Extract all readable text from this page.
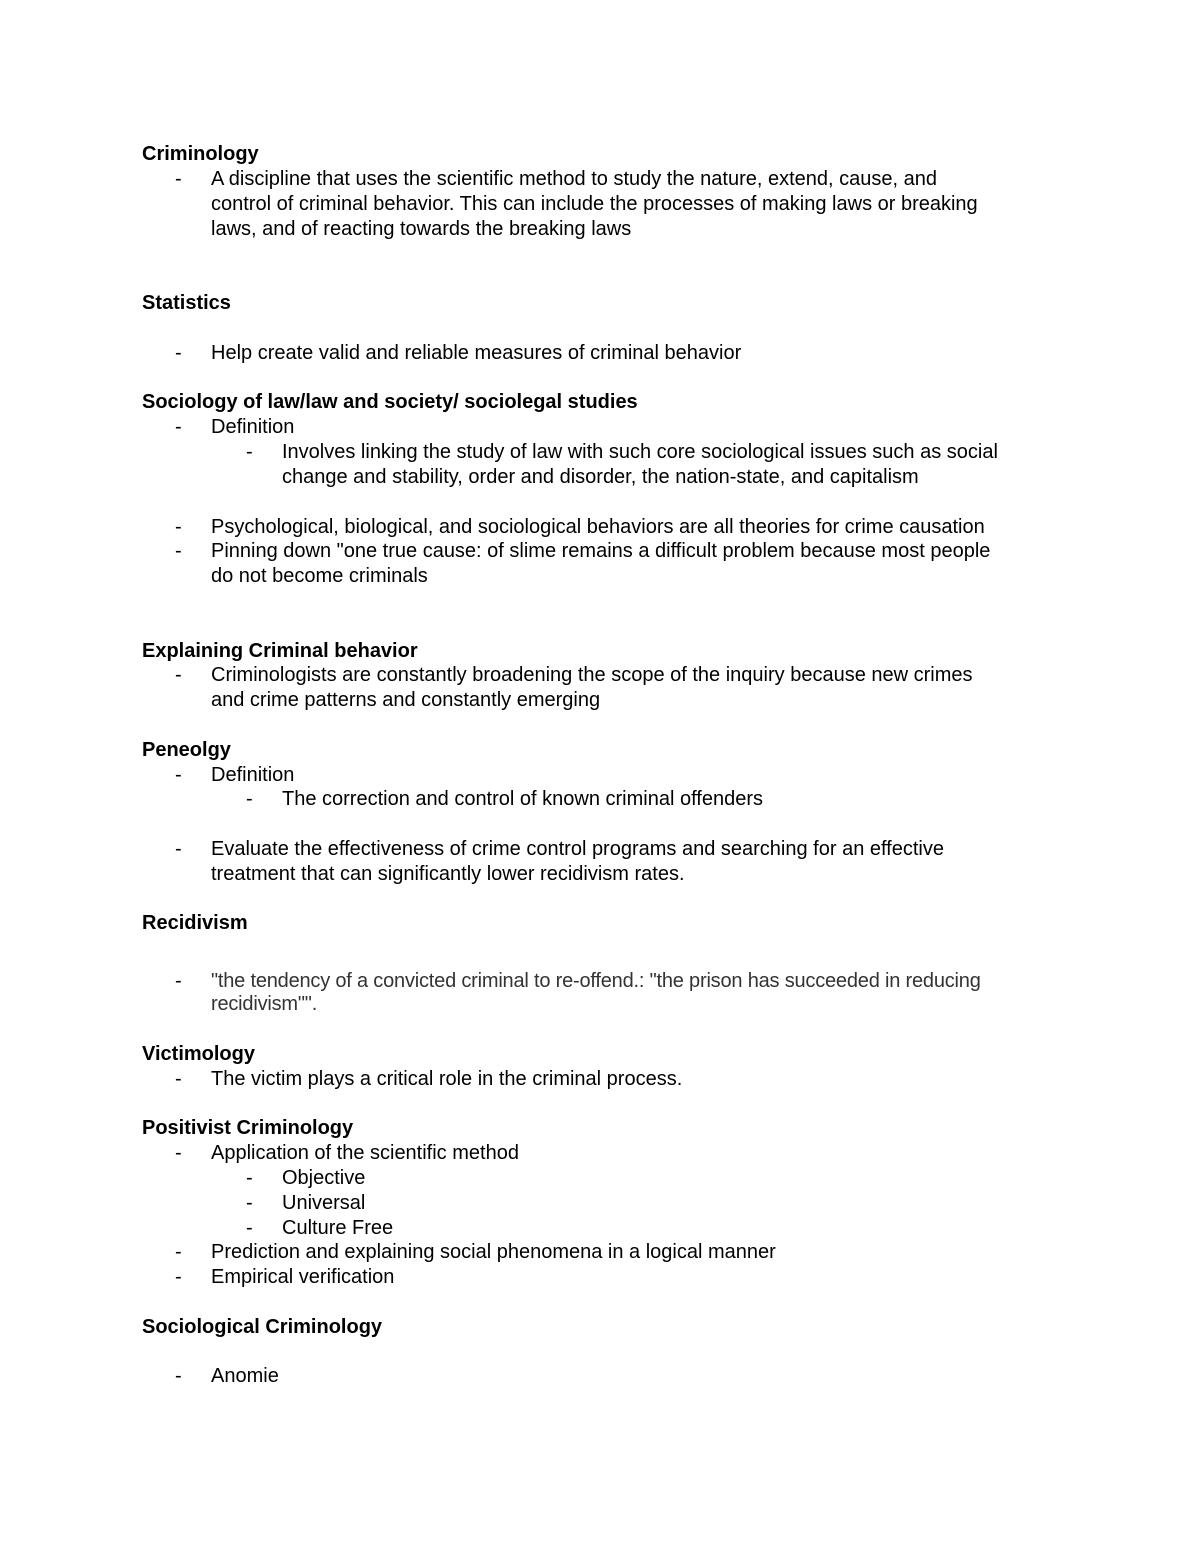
Criminology
- A discipline that uses the scientific method to study the nature, extend, cause, and
control of criminal behavior. This can include the processes of making laws or breaking
laws, and of reacting towards the breaking laws
Statistics
- Help create valid and reliable measures of criminal behavior
Sociology of law/law and society/ sociolegal studies
- Definition
- Involves linking the study of law with such core sociological issues such as social
change and stability, order and disorder, the nation-state, and capitalism
- Psychological, biological, and sociological behaviors are all theories for crime causation
- Pinning down "one true cause: of slime remains a difficult problem because most people
do not become criminals
Explaining Criminal behavior
- Criminologists are constantly broadening the scope of the inquiry because new crimes
and crime patterns and constantly emerging
Peneolgy
- Definition
- The correction and control of known criminal offenders
- Evaluate the effectiveness of crime control programs and searching for an effective
treatment that can significantly lower recidivism rates.
Recidivism
- "the tendency of a convicted criminal to re-offend.: "the prison has succeeded in reducing
recidivism"".
Victimology
- The victim plays a critical role in the criminal process.
Positivist Criminology
- Application of the scientific method
- Objective
- Universal
- Culture Free
- Prediction and explaining social phenomena in a logical manner
- Empirical verification
Sociological Criminology
- Anomie
